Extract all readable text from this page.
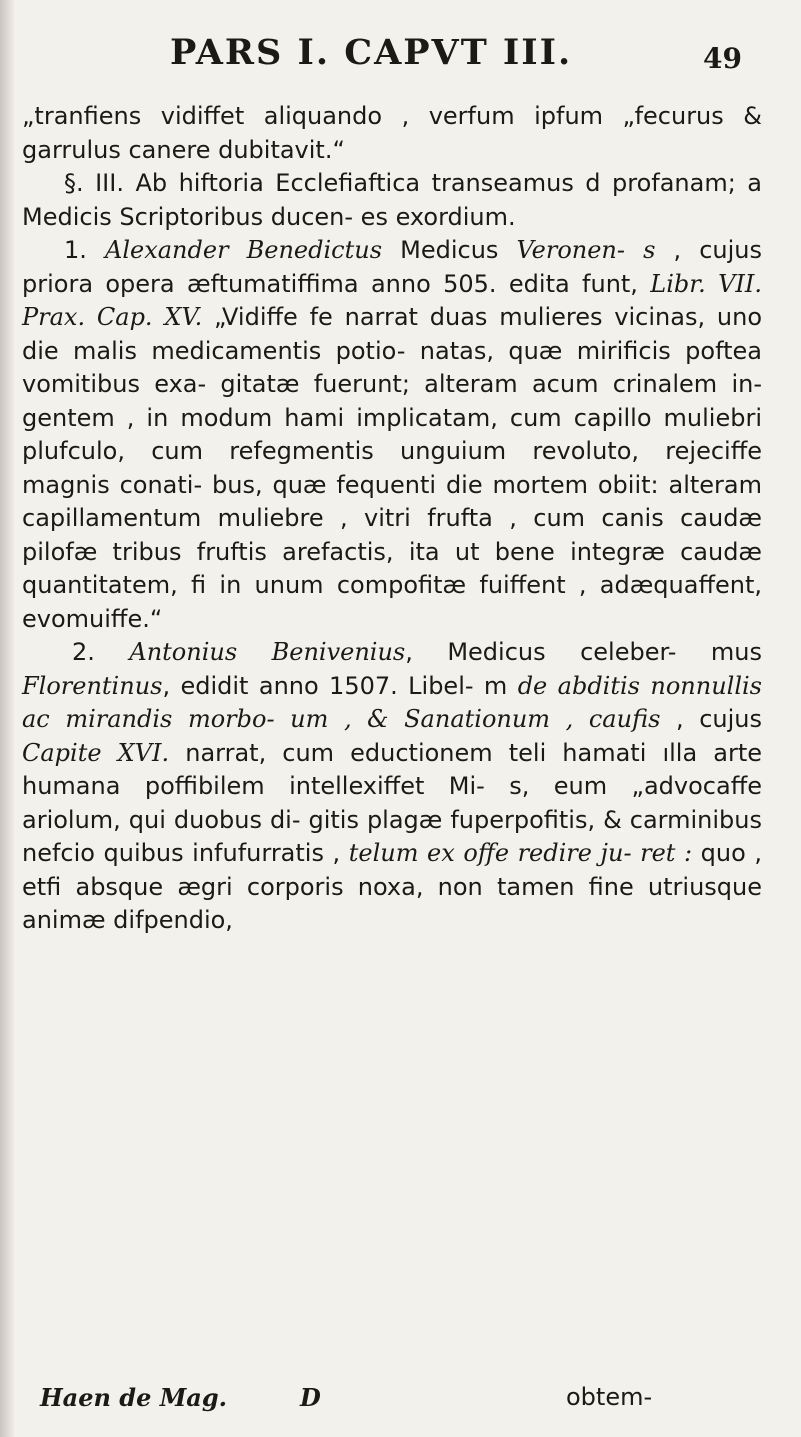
PARS I. CAPVT III.	49

„tranfiens vidiffet aliquando , verfum ipfum „fecurus & garrulus canere dubitavit.“

§. III. Ab hiftoria Ecclefiaftica transeamus d profanam; a Medicis Scriptoribus ducen- es exordium.

1. Alexander Benedictus Medicus Veronen- s , cujus priora opera æftumatiffima anno 505. edita funt, Libr. VII. Prax. Cap. XV. „Vidiffe fe narrat duas mulieres vicinas, uno die malis medicamentis potio- natas, quæ mirificis poftea vomitibus exa- gitatæ fuerunt; alteram acum crinalem in- gentem , in modum hami implicatam, cum capillo muliebri plufculo, cum refegmentis unguium revoluto, rejeciffe magnis conati- bus, quæ fequenti die mortem obiit: alteram capillamentum muliebre , vitri frufta , cum canis caudæ pilofæ tribus fruftis arefactis, ita ut bene integræ caudæ quantitatem, fi in unum compofitæ fuiffent , adæquaffent, evomuiffe.“

2. Antonius Benivenius, Medicus celeber- mus Florentinus, edidit anno 1507. Libel- m de abditis nonnullis ac mirandis morbo- um , & Sanationum , caufis , cujus Capite XVI. narrat, cum eductionem teli hamati ılla arte humana poffibilem intellexiffet Mi- s, eum „advocaffe ariolum, qui duobus di- gitis plagæ fuperpofitis, & carminibus nefcio quibus infufurratis , telum ex offe redire ju- ret : quo , etfi absque ægri corporis noxa, non tamen fine utriusque animæ difpendio,

Haen de Mag.	D	obtem-
